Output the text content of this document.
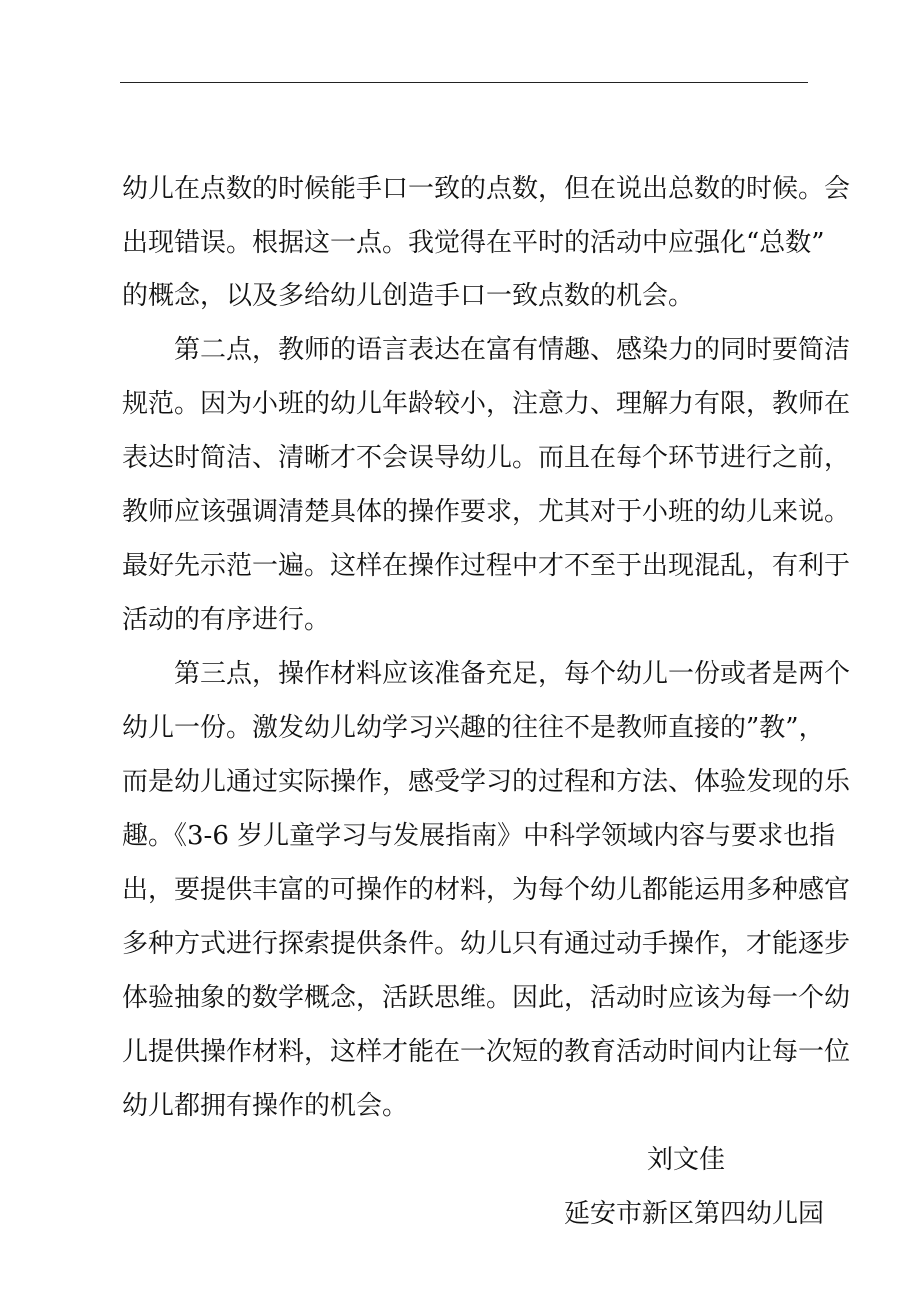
幼儿在点数的时候能手口一致的点数，但在说出总数的时候。会
出现错误。根据这一点。我觉得在平时的活动中应强化“总数”
的概念，以及多给幼儿创造手口一致点数的机会。
第二点，教师的语言表达在富有情趣、感染力的同时要简洁
规范。因为小班的幼儿年龄较小，注意力、理解力有限，教师在
表达时简洁、清晰才不会误导幼儿。而且在每个环节进行之前，
教师应该强调清楚具体的操作要求，尤其对于小班的幼儿来说。
最好先示范一遍。这样在操作过程中才不至于出现混乱，有利于
活动的有序进行。
第三点，操作材料应该准备充足，每个幼儿一份或者是两个
幼儿一份。激发幼儿幼学习兴趣的往往不是教师直接的”教”，
而是幼儿通过实际操作，感受学习的过程和方法、体验发现的乐
趣。《3-6 岁儿童学习与发展指南》中科学领域内容与要求也指
出，要提供丰富的可操作的材料，为每个幼儿都能运用多种感官
多种方式进行探索提供条件。幼儿只有通过动手操作，才能逐步
体验抽象的数学概念，活跃思维。因此，活动时应该为每一个幼
儿提供操作材料，这样才能在一次短的教育活动时间内让每一位
幼儿都拥有操作的机会。
刘文佳
延安市新区第四幼儿园
